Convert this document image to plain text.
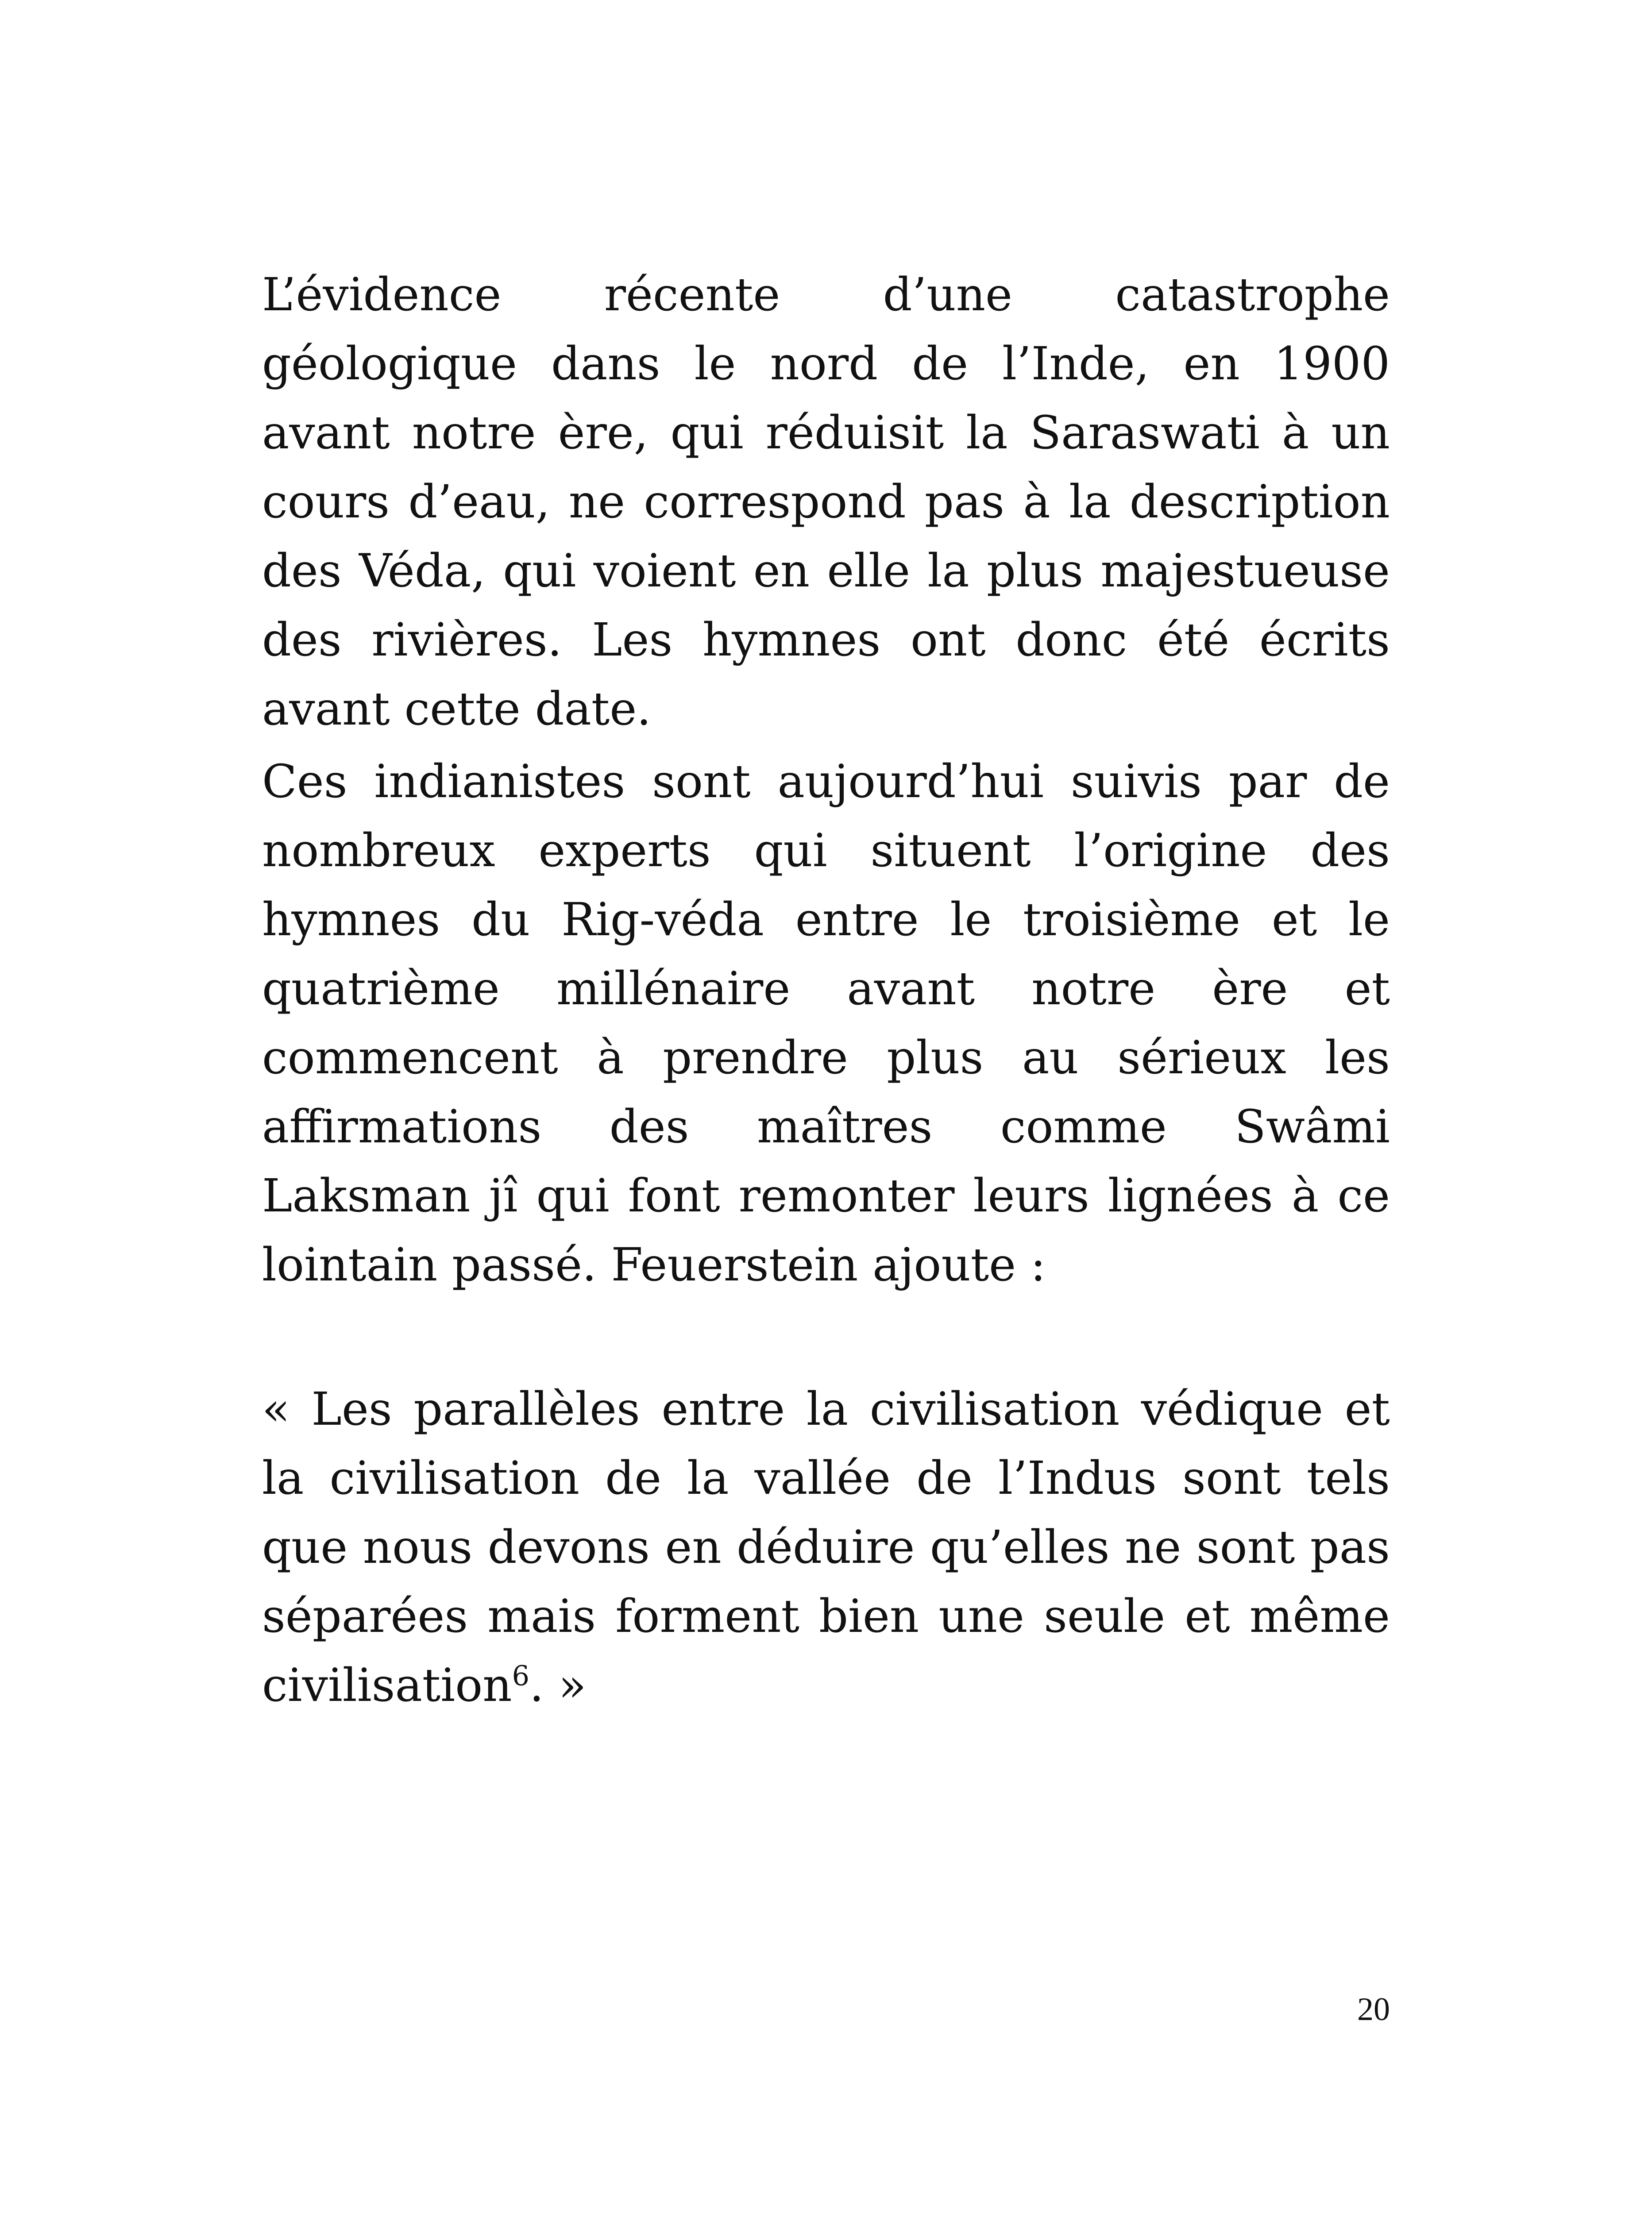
L’évidence récente d’une catastrophe géologique dans le nord de l’Inde, en 1900 avant notre ère, qui réduisit la Saraswati à un cours d’eau, ne correspond pas à la description des Véda, qui voient en elle la plus majestueuse des rivières. Les hymnes ont donc été écrits avant cette date.

Ces indianistes sont aujourd’hui suivis par de nombreux experts qui situent l’origine des hymnes du Rig-véda entre le troisième et le quatrième millénaire avant notre ère et commencent à prendre plus au sérieux les affirmations des maîtres comme Swâmi Laksman jî qui font remonter leurs lignées à ce lointain passé. Feuerstein ajoute :

« Les parallèles entre la civilisation védique et la civilisation de la vallée de l’Indus sont tels que nous devons en déduire qu’elles ne sont pas séparées mais forment bien une seule et même civilisation$^6$. »

20
